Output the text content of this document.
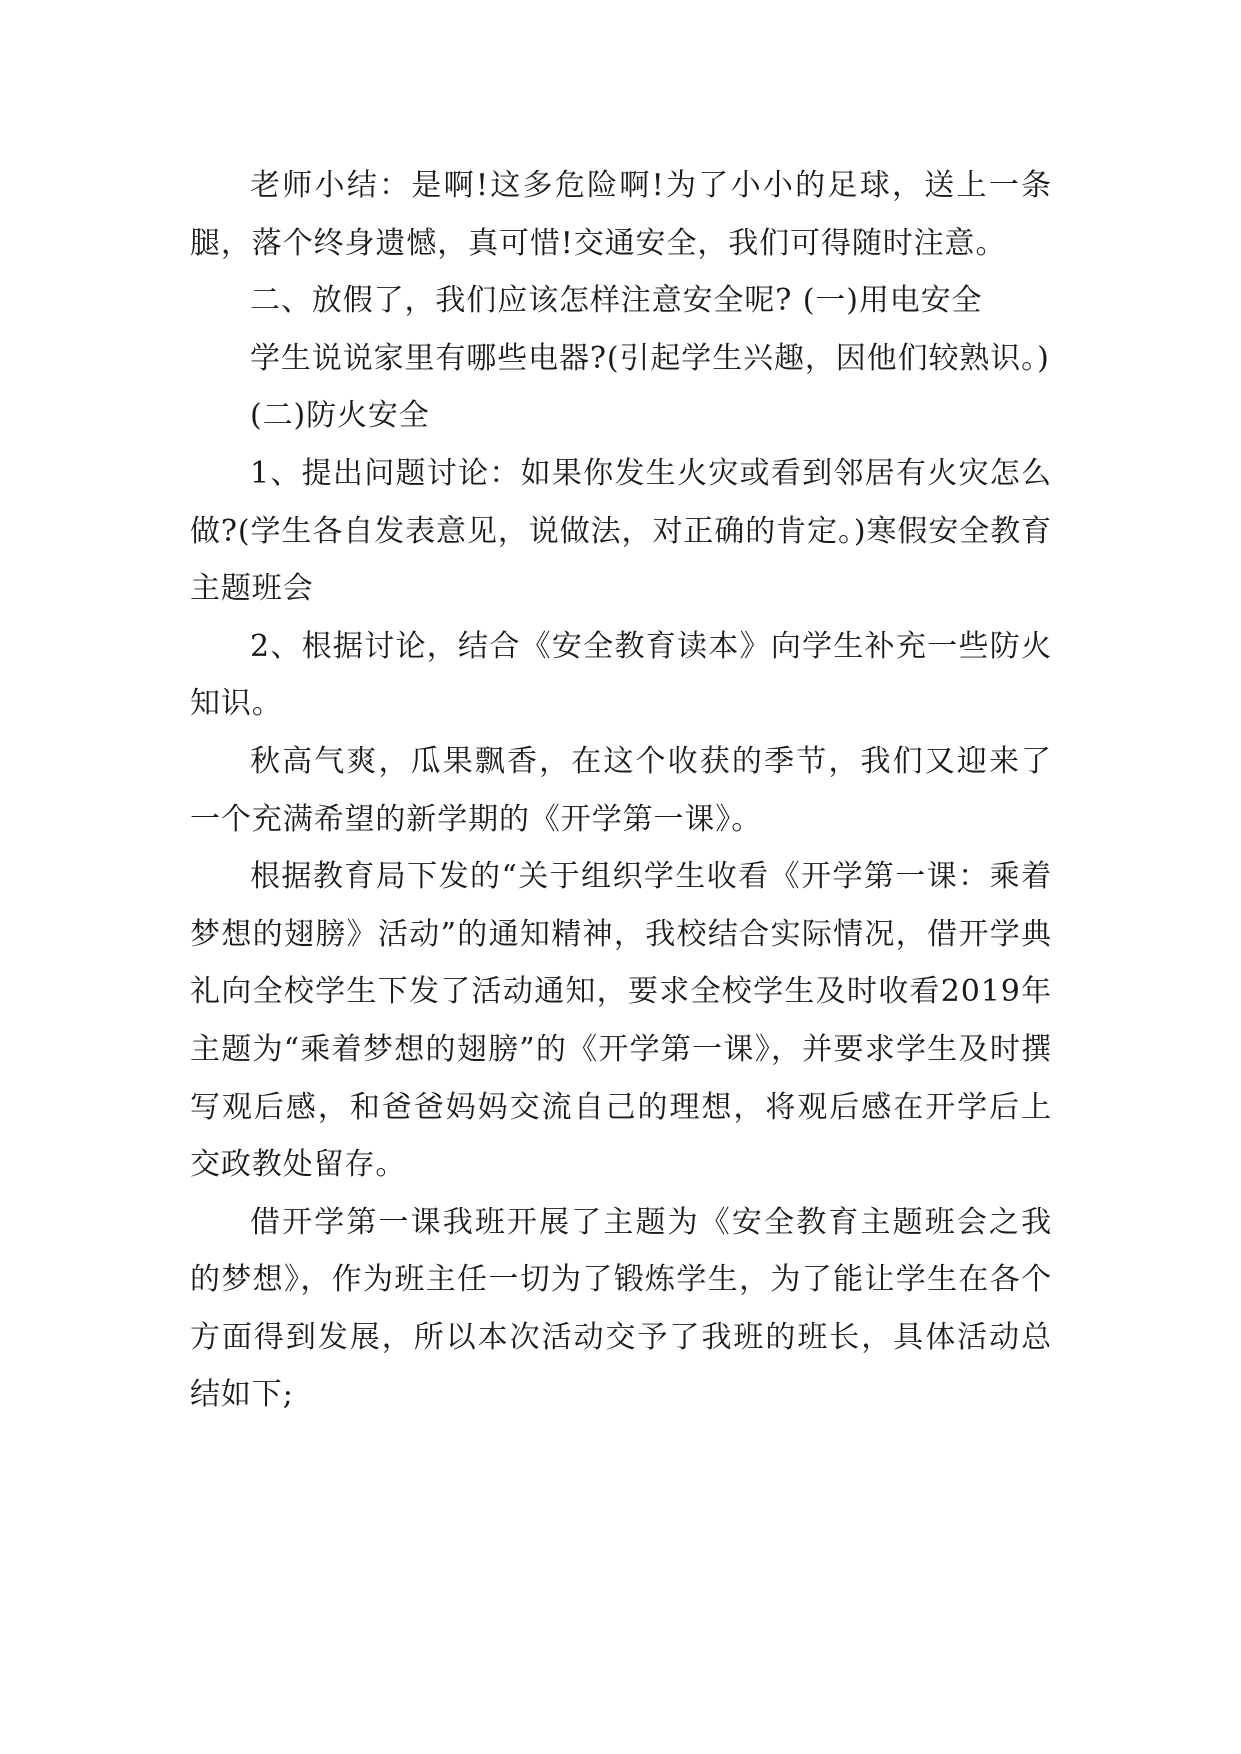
老师小结：是啊!这多危险啊!为了小小的足球，送上一条腿，落个终身遗憾，真可惜!交通安全，我们可得随时注意。

二、放假了，我们应该怎样注意安全呢? (一)用电安全

学生说说家里有哪些电器?(引起学生兴趣，因他们较熟识。)

(二)防火安全

1、提出问题讨论：如果你发生火灾或看到邻居有火灾怎么做?(学生各自发表意见，说做法，对正确的肯定。)寒假安全教育主题班会

2、根据讨论，结合《安全教育读本》向学生补充一些防火知识。

秋高气爽，瓜果飘香，在这个收获的季节，我们又迎来了一个充满希望的新学期的《开学第一课》。

根据教育局下发的“关于组织学生收看《开学第一课：乘着梦想的翅膀》活动”的通知精神，我校结合实际情况，借开学典礼向全校学生下发了活动通知，要求全校学生及时收看2019年主题为“乘着梦想的翅膀”的《开学第一课》，并要求学生及时撰写观后感，和爸爸妈妈交流自己的理想，将观后感在开学后上交政教处留存。

借开学第一课我班开展了主题为《安全教育主题班会之我的梦想》，作为班主任一切为了锻炼学生，为了能让学生在各个方面得到发展，所以本次活动交予了我班的班长，具体活动总结如下;
